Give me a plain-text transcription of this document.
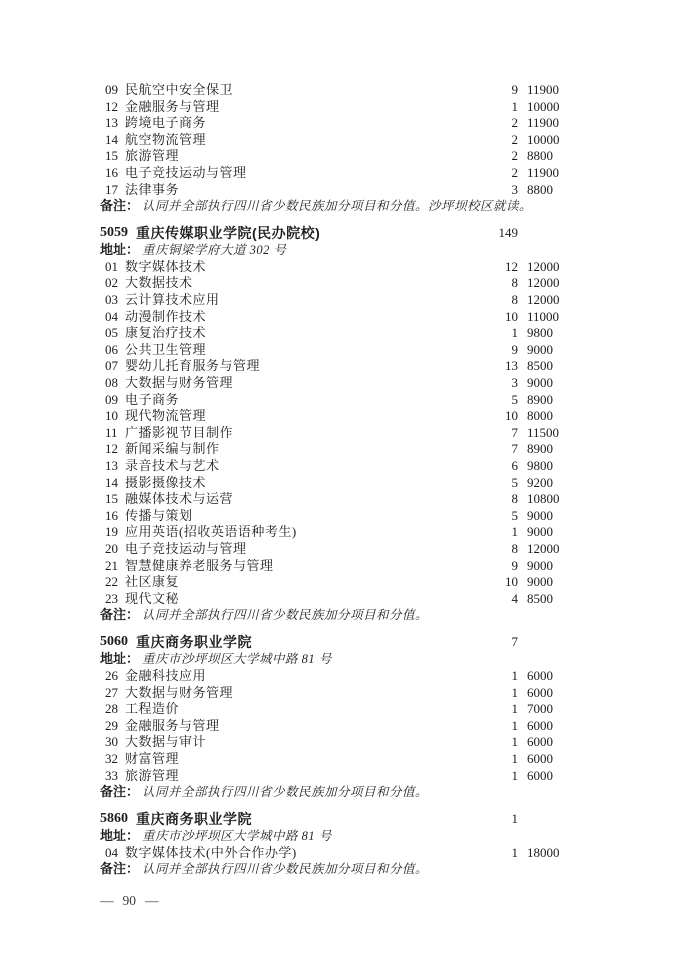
09 民航空中安全保卫	9 11900
12 金融服务与管理	1 10000
13 跨境电子商务	2 11900
14 航空物流管理	2 10000
15 旅游管理	2 8800
16 电子竞技运动与管理	2 11900
17 法律事务	3 8800
备注： 认同并全部执行四川省少数民族加分项目和分值。沙坪坝校区就读。
5059 重庆传媒职业学院(民办院校)	149
地址： 重庆铜梁学府大道 302 号
01 数字媒体技术	12 12000
02 大数据技术	8 12000
03 云计算技术应用	8 12000
04 动漫制作技术	10 11000
05 康复治疗技术	1 9800
06 公共卫生管理	9 9000
07 婴幼儿托育服务与管理	13 8500
08 大数据与财务管理	3 9000
09 电子商务	5 8900
10 现代物流管理	10 8000
11 广播影视节目制作	7 11500
12 新闻采编与制作	7 8900
13 录音技术与艺术	6 9800
14 摄影摄像技术	5 9200
15 融媒体技术与运营	8 10800
16 传播与策划	5 9000
19 应用英语(招收英语语种考生)	1 9000
20 电子竞技运动与管理	8 12000
21 智慧健康养老服务与管理	9 9000
22 社区康复	10 9000
23 现代文秘	4 8500
备注： 认同并全部执行四川省少数民族加分项目和分值。
5060 重庆商务职业学院	7
地址： 重庆市沙坪坝区大学城中路 81 号
26 金融科技应用	1 6000
27 大数据与财务管理	1 6000
28 工程造价	1 7000
29 金融服务与管理	1 6000
30 大数据与审计	1 6000
32 财富管理	1 6000
33 旅游管理	1 6000
备注： 认同并全部执行四川省少数民族加分项目和分值。
5860 重庆商务职业学院	1
地址： 重庆市沙坪坝区大学城中路 81 号
04 数字媒体技术(中外合作办学)	1 18000
备注： 认同并全部执行四川省少数民族加分项目和分值。
— 90 —
